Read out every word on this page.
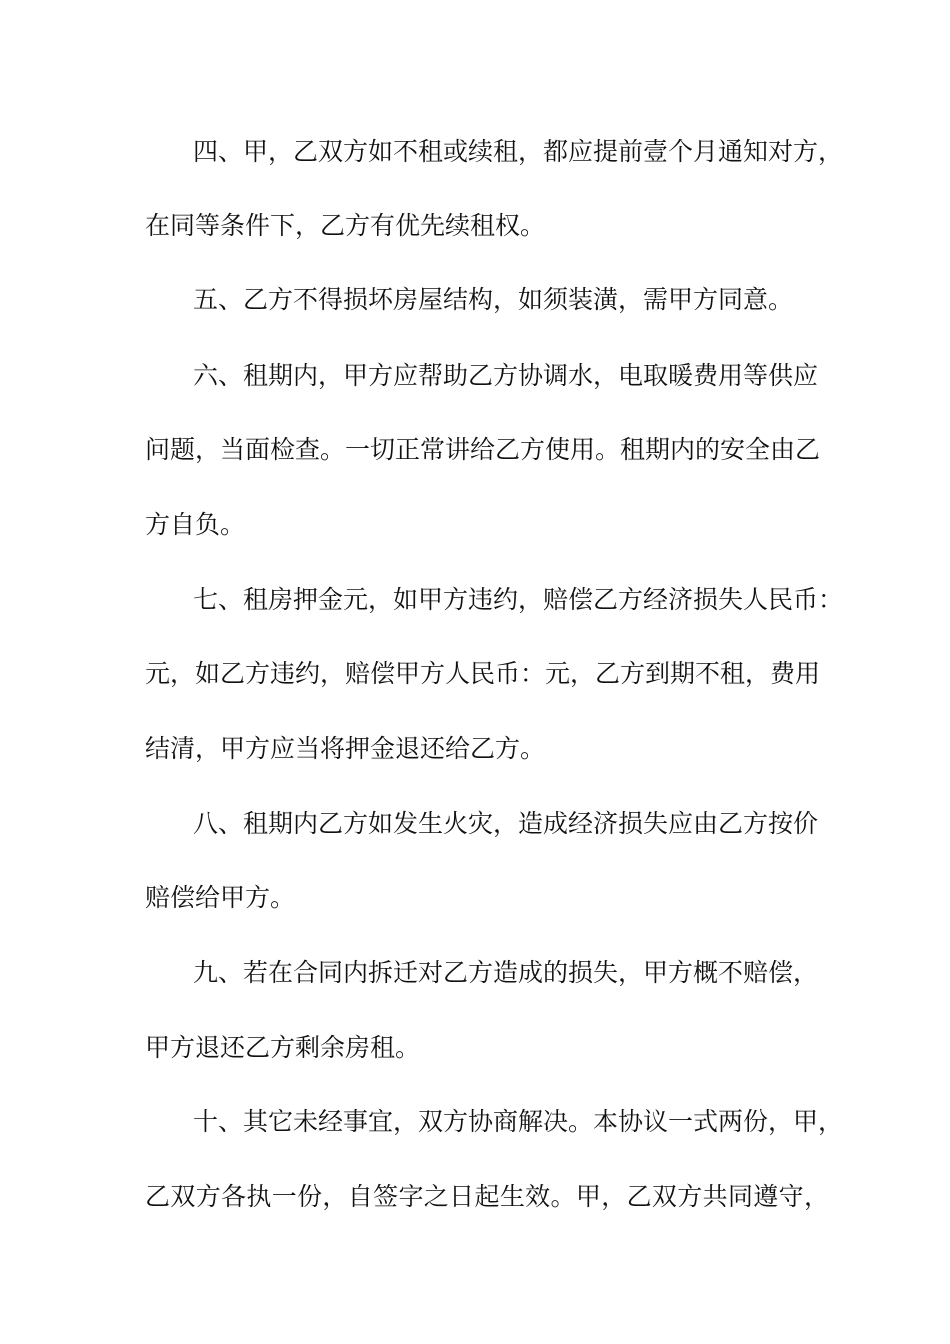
四、甲，乙双方如不租或续租，都应提前壹个月通知对方，
在同等条件下，乙方有优先续租权。
五、乙方不得损坏房屋结构，如须装潢，需甲方同意。
六、租期内，甲方应帮助乙方协调水，电取暖费用等供应
问题，当面检查。一切正常讲给乙方使用。租期内的安全由乙
方自负。
七、租房押金元，如甲方违约，赔偿乙方经济损失人民币：
元，如乙方违约，赔偿甲方人民币：元，乙方到期不租，费用
结清，甲方应当将押金退还给乙方。
八、租期内乙方如发生火灾，造成经济损失应由乙方按价
赔偿给甲方。
九、若在合同内拆迁对乙方造成的损失，甲方概不赔偿，
甲方退还乙方剩余房租。
十、其它未经事宜，双方协商解决。本协议一式两份，甲，
乙双方各执一份，自签字之日起生效。甲，乙双方共同遵守，
